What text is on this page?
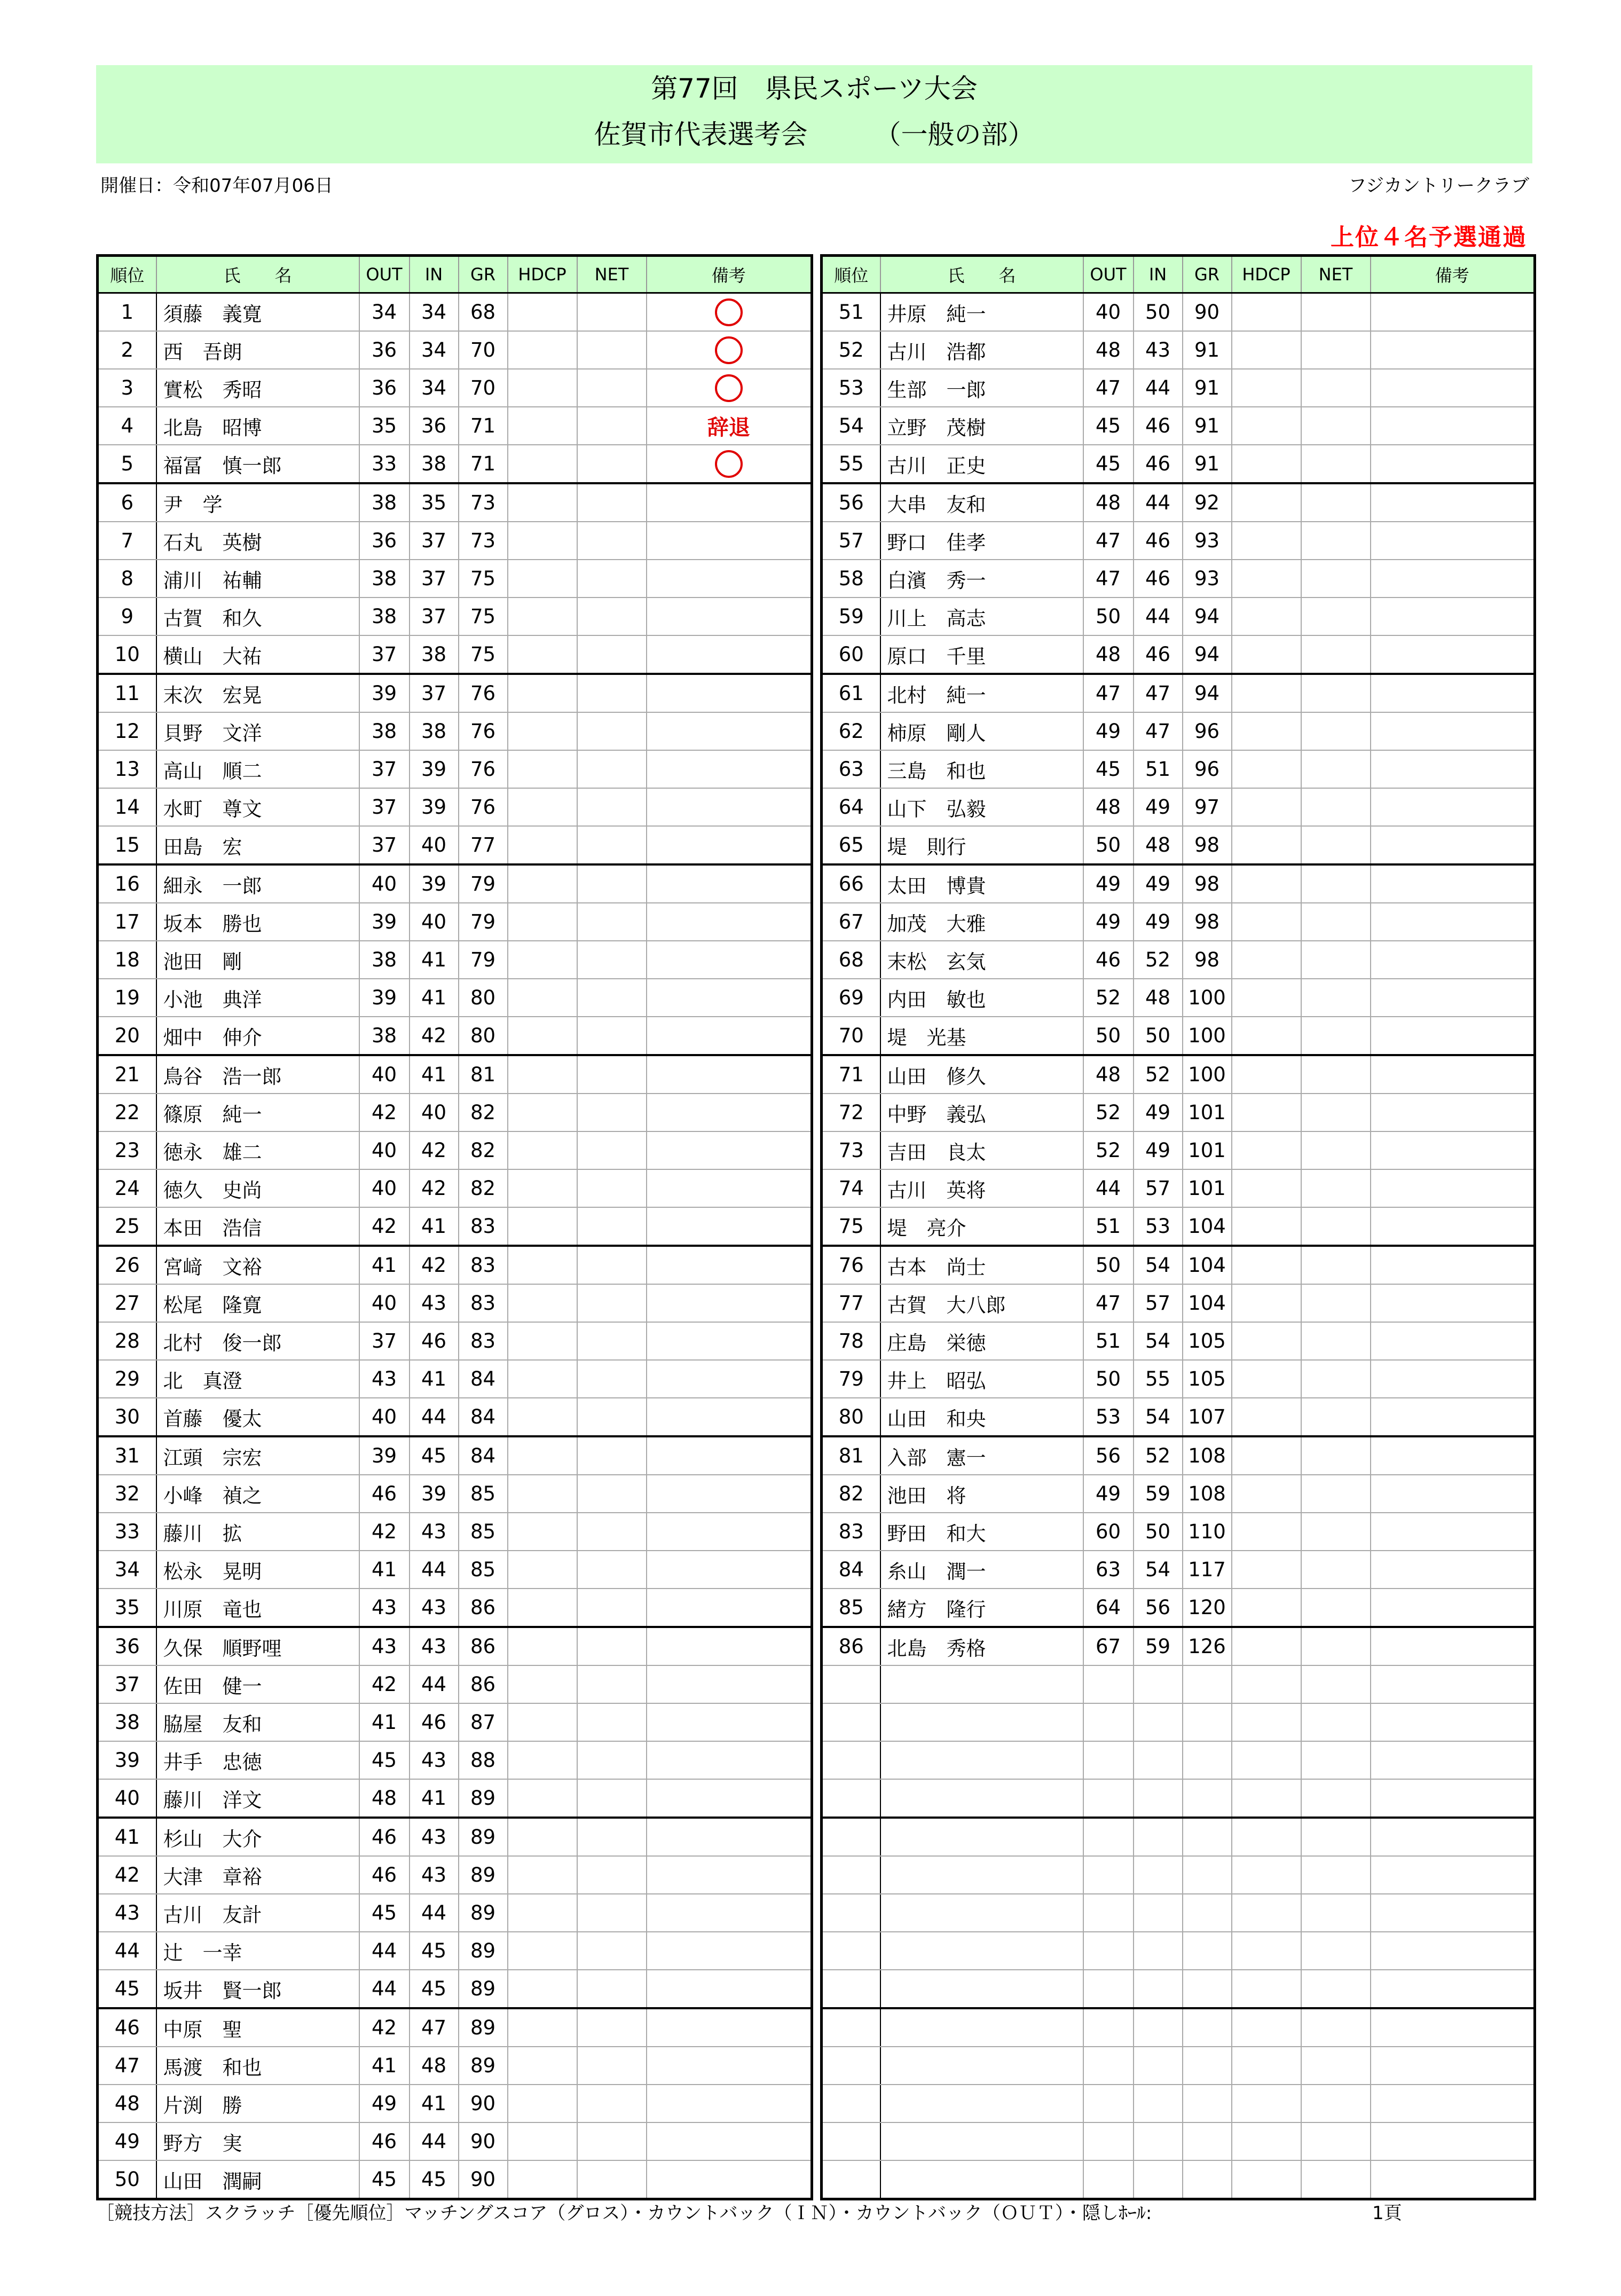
第77回　県民スポーツ大会
佐賀市代表選考会　　　（一般の部）
開催日：令和07年07月06日	フジカントリークラブ
上位４名予選通過
順位	氏　　名	OUT	IN	GR	HDCP	NET	備考
1	須藤　義寛	34	34	68			
2	西　吾朗	36	34	70			
3	實松　秀昭	36	34	70			
4	北島　昭博	35	36	71			辞退
5	福冨　慎一郎	33	38	71			
6	尹　学	38	35	73			
7	石丸　英樹	36	37	73			
8	浦川　祐輔	38	37	75			
9	古賀　和久	38	37	75			
10	横山　大祐	37	38	75			
11	末次　宏晃	39	37	76			
12	貝野　文洋	38	38	76			
13	高山　順二	37	39	76			
14	水町　尊文	37	39	76			
15	田島　宏	37	40	77			
16	細永　一郎	40	39	79			
17	坂本　勝也	39	40	79			
18	池田　剛	38	41	79			
19	小池　典洋	39	41	80			
20	畑中　伸介	38	42	80			
21	鳥谷　浩一郎	40	41	81			
22	篠原　純一	42	40	82			
23	徳永　雄二	40	42	82			
24	徳久　史尚	40	42	82			
25	本田　浩信	42	41	83			
26	宮﨑　文裕	41	42	83			
27	松尾　隆寛	40	43	83			
28	北村　俊一郎	37	46	83			
29	北　真澄	43	41	84			
30	首藤　優太	40	44	84			
31	江頭　宗宏	39	45	84			
32	小峰　禎之	46	39	85			
33	藤川　拡	42	43	85			
34	松永　晃明	41	44	85			
35	川原　竜也	43	43	86			
36	久保　順野哩	43	43	86			
37	佐田　健一	42	44	86			
38	脇屋　友和	41	46	87			
39	井手　忠徳	45	43	88			
40	藤川　洋文	48	41	89			
41	杉山　大介	46	43	89			
42	大津　章裕	46	43	89			
43	古川　友計	45	44	89			
44	辻　一幸	44	45	89			
45	坂井　賢一郎	44	45	89			
46	中原　聖	42	47	89			
47	馬渡　和也	41	48	89			
48	片渕　勝	49	41	90			
49	野方　実	46	44	90			
50	山田　潤嗣	45	45	90			
順位	氏　　名	OUT	IN	GR	HDCP	NET	備考
51	井原　純一	40	50	90			
52	古川　浩都	48	43	91			
53	生部　一郎	47	44	91			
54	立野　茂樹	45	46	91			
55	古川　正史	45	46	91			
56	大串　友和	48	44	92			
57	野口　佳孝	47	46	93			
58	白濱　秀一	47	46	93			
59	川上　高志	50	44	94			
60	原口　千里	48	46	94			
61	北村　純一	47	47	94			
62	柿原　剛人	49	47	96			
63	三島　和也	45	51	96			
64	山下　弘毅	48	49	97			
65	堤　則行	50	48	98			
66	太田　博貴	49	49	98			
67	加茂　大雅	49	49	98			
68	末松　玄気	46	52	98			
69	内田　敏也	52	48	100			
70	堤　光基	50	50	100			
71	山田　修久	48	52	100			
72	中野　義弘	52	49	101			
73	吉田　良太	52	49	101			
74	古川　英将	44	57	101			
75	堤　亮介	51	53	104			
76	古本　尚士	50	54	104			
77	古賀　大八郎	47	57	104			
78	庄島　栄徳	51	54	105			
79	井上　昭弘	50	55	105			
80	山田　和央	53	54	107			
81	入部　憲一	56	52	108			
82	池田　将	49	59	108			
83	野田　和大	60	50	110			
84	糸山　潤一	63	54	117			
85	緒方　隆行	64	56	120			
86	北島　秀格	67	59	126			

［競技方法］スクラッチ［優先順位］マッチングスコア（グロス）・カウントバック（ＩＮ）・カウントバック（ＯＵＴ）・隠しﾎｰﾙ:	1頁
